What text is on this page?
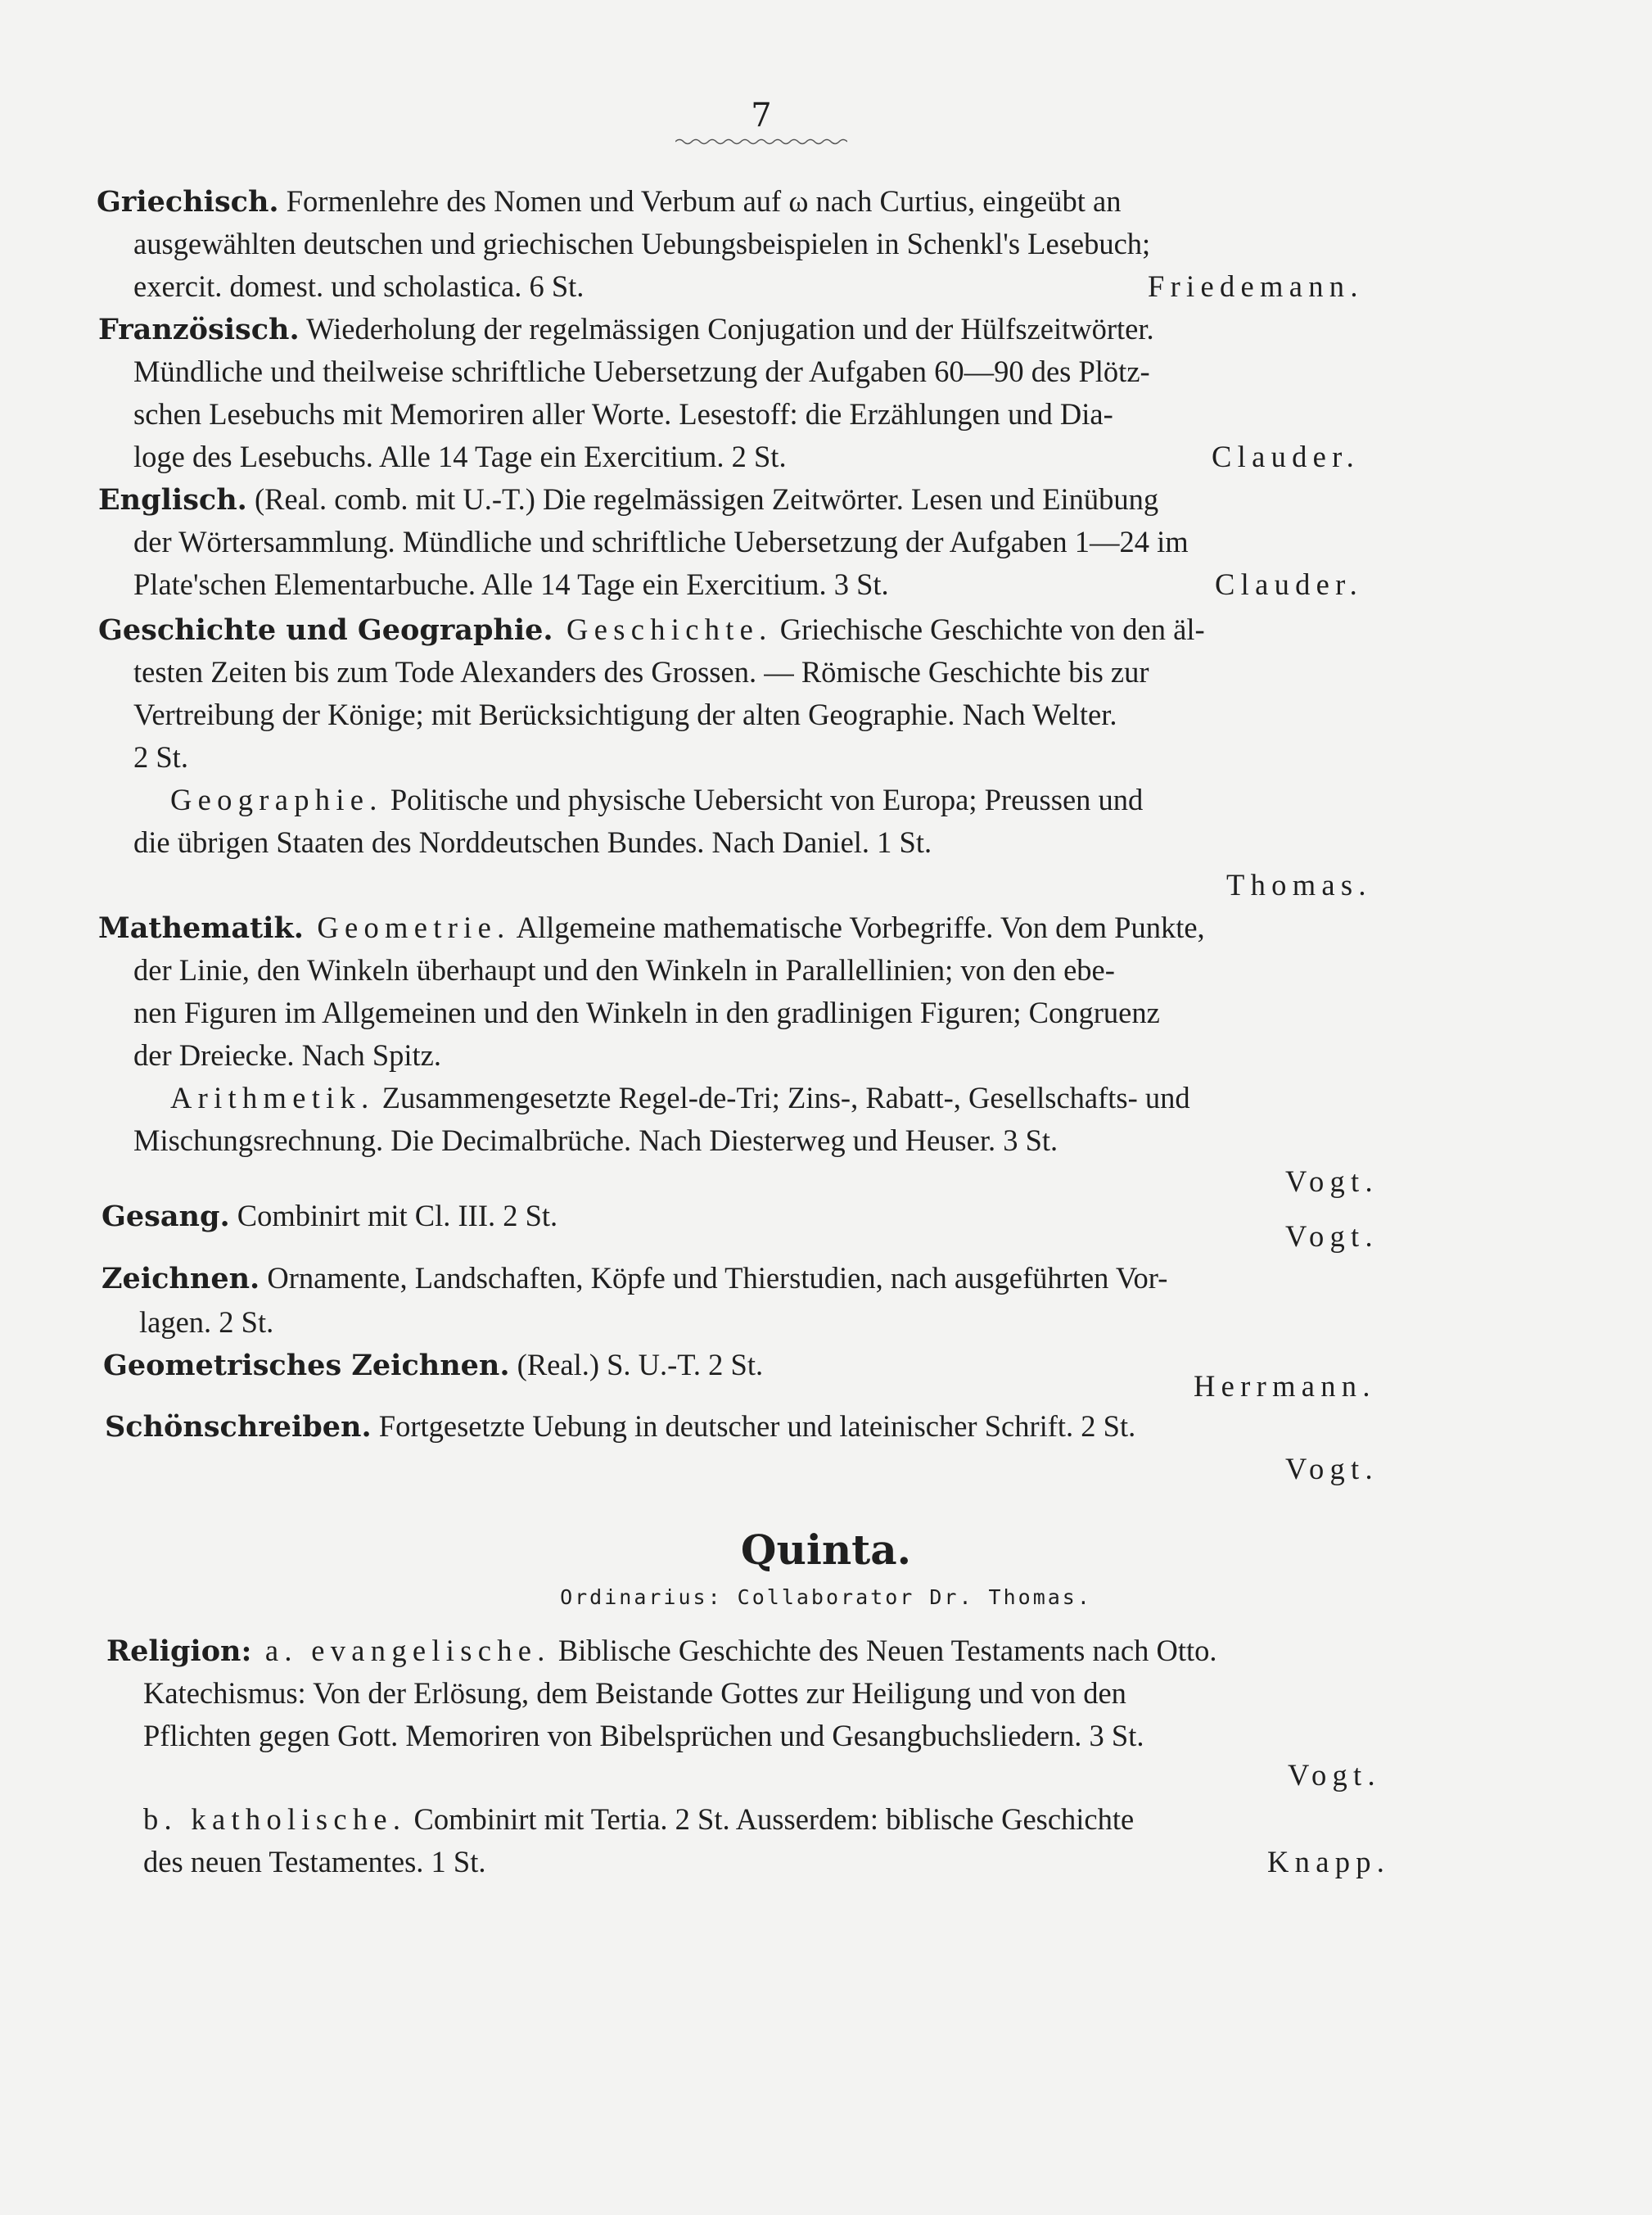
7
Griechisch. Formenlehre des Nomen und Verbum auf ω nach Curtius, eingeübt an
ausgewählten deutschen und griechischen Uebungsbeispielen in Schenkl's Lesebuch;
exercit. domest. und scholastica. 6 St.	Friedemann.
Französisch. Wiederholung der regelmässigen Conjugation und der Hülfszeitwörter.
Mündliche und theilweise schriftliche Uebersetzung der Aufgaben 60—90 des Plötz-
schen Lesebuchs mit Memoriren aller Worte. Lesestoff: die Erzählungen und Dia-
loge des Lesebuchs. Alle 14 Tage ein Exercitium. 2 St.	Clauder.
Englisch. (Real. comb. mit U.-T.) Die regelmässigen Zeitwörter. Lesen und Einübung
der Wörtersammlung. Mündliche und schriftliche Uebersetzung der Aufgaben 1—24 im
Plate'schen Elementarbuche. Alle 14 Tage ein Exercitium. 3 St.	Clauder.
Geschichte und Geographie. Geschichte. Griechische Geschichte von den äl-
testen Zeiten bis zum Tode Alexanders des Grossen. — Römische Geschichte bis zur
Vertreibung der Könige; mit Berücksichtigung der alten Geographie. Nach Welter.
2 St.
Geographie. Politische und physische Uebersicht von Europa; Preussen und
die übrigen Staaten des Norddeutschen Bundes. Nach Daniel. 1 St.
Thomas.
Mathematik. Geometrie. Allgemeine mathematische Vorbegriffe. Von dem Punkte,
der Linie, den Winkeln überhaupt und den Winkeln in Parallellinien; von den ebe-
nen Figuren im Allgemeinen und den Winkeln in den gradlinigen Figuren; Congruenz
der Dreiecke. Nach Spitz.
Arithmetik. Zusammengesetzte Regel-de-Tri; Zins-, Rabatt-, Gesellschafts- und
Mischungsrechnung. Die Decimalbrüche. Nach Diesterweg und Heuser. 3 St.
Vogt.
Gesang. Combinirt mit Cl. III. 2 St.
Vogt.
Zeichnen. Ornamente, Landschaften, Köpfe und Thierstudien, nach ausgeführten Vor-
lagen. 2 St.
Geometrisches Zeichnen. (Real.) S. U.-T. 2 St.
Herrmann.
Schönschreiben. Fortgesetzte Uebung in deutscher und lateinischer Schrift. 2 St.
Vogt.
Quinta.
Ordinarius: Collaborator Dr. Thomas.
Religion: a. evangelische. Biblische Geschichte des Neuen Testaments nach Otto.
Katechismus: Von der Erlösung, dem Beistande Gottes zur Heiligung und von den
Pflichten gegen Gott. Memoriren von Bibelsprüchen und Gesangbuchsliedern. 3 St.
Vogt.
b. katholische. Combinirt mit Tertia. 2 St. Ausserdem: biblische Geschichte
des neuen Testamentes. 1 St.	Knapp.
